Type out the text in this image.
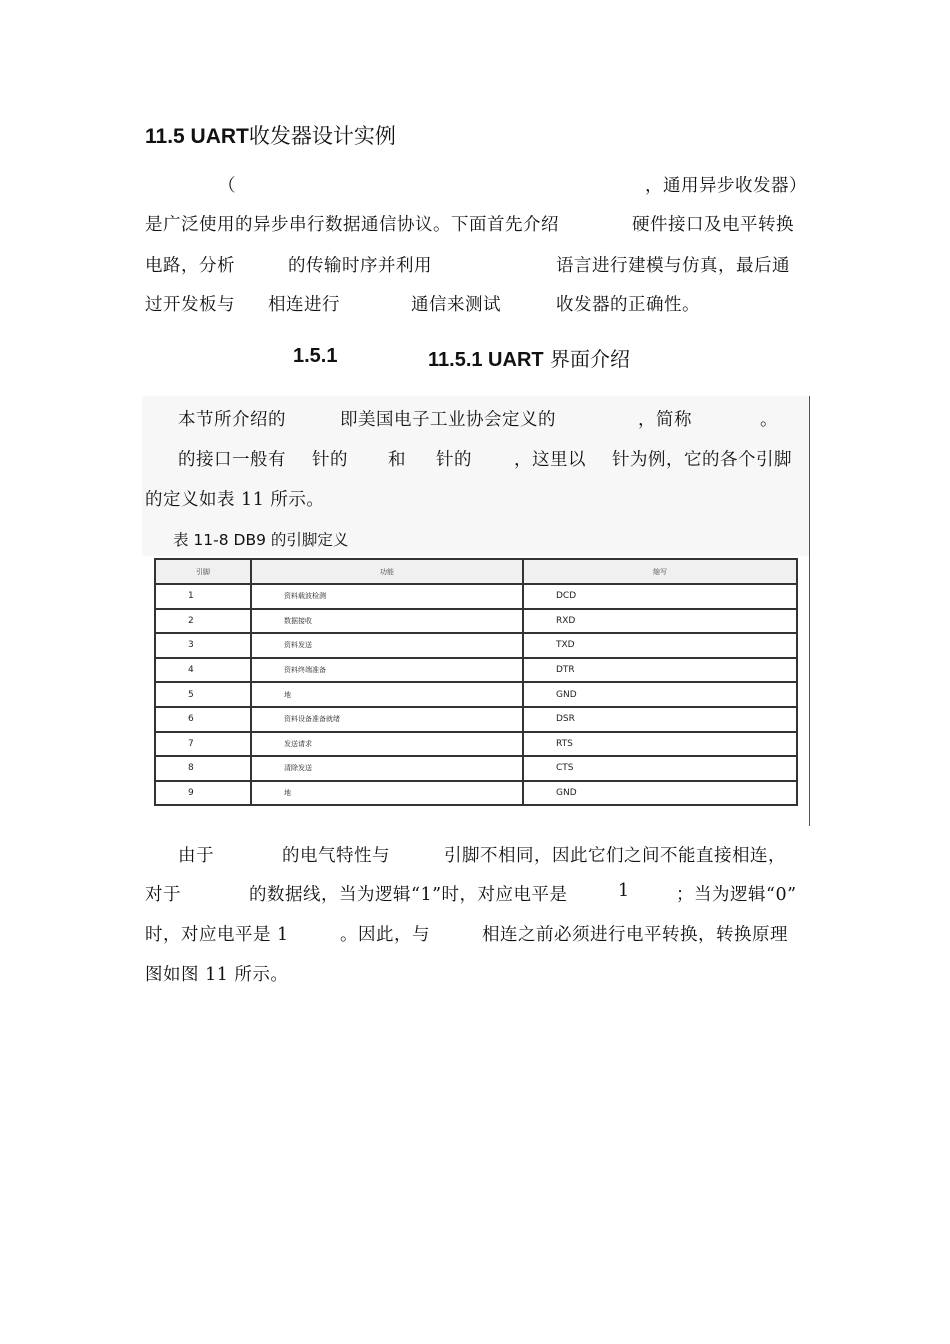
11.5 UART收发器设计实例
（	，通用异步收发器）
是广泛使用的异步串行数据通信协议。下面首先介绍	硬件接口及电平转换
电路，分析	的传输时序并利用	语言进行建模与仿真，最后通
过开发板与 相连进行	通信来测试	收发器的正确性。
1.5.1	11.5.1 UART 界面介绍
本节所介绍的	即美国电子工业协会定义的	，简称	。
的接口一般有 针的 和 针的 ，这里以 针为例，它的各个引脚
的定义如表 11 所示。
表 11-8 DB9 的引脚定义
引脚	功能	缩写
1	资料载波检测	DCD
2	数据接收	RXD
3	资料发送	TXD
4	资料终端准备	DTR
5	地	GND
6	资料设备准备就绪	DSR
7	发送请求	RTS
8	清除发送	CTS
9	地	GND
由于	的电气特性与	引脚不相同，因此它们之间不能直接相连，
对于	的数据线，当为逻辑“1”时，对应电平是	1	；当为逻辑“0”
时，对应电平是 1	。因此，与	相连之前必须进行电平转换，转换原理
图如图 11 所示。
